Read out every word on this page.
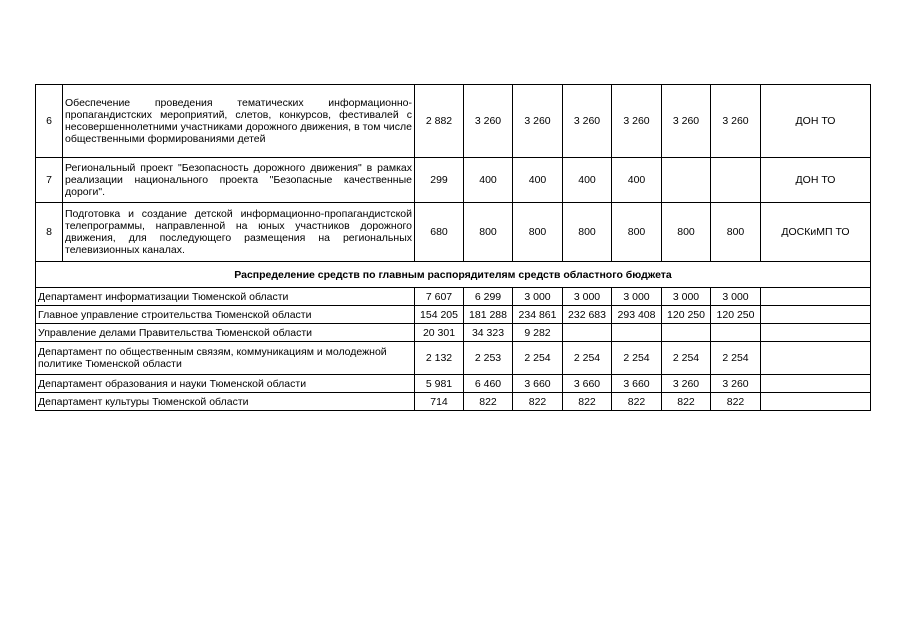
6	Обеспечение проведения тематических информационно-пропагандистских мероприятий, слетов, конкурсов, фестивалей с несовершеннолетними участниками дорожного движения, в том числе общественными формированиями детей	2 882	3 260	3 260	3 260	3 260	3 260	3 260	ДОН ТО
7	Региональный проект "Безопасность дорожного движения" в рамках реализации национального проекта "Безопасные качественные дороги".	299	400	400	400	400			ДОН ТО
8	Подготовка и создание детской информационно-пропагандистской телепрограммы, направленной на юных участников дорожного движения, для последующего размещения на региональных телевизионных каналах.	680	800	800	800	800	800	800	ДОСКиМП ТО
Распределение средств по главным распорядителям средств областного бюджета									
Департамент информатизации Тюменской области		7 607	6 299	3 000	3 000	3 000	3 000	3 000	
Главное управление строительства Тюменской области		154 205	181 288	234 861	232 683	293 408	120 250	120 250	
Управление делами Правительства Тюменской области		20 301	34 323	9 282					
Департамент по общественным связям, коммуникациям и молодежной политике Тюменской области		2 132	2 253	2 254	2 254	2 254	2 254	2 254	
Департамент образования и науки Тюменской области		5 981	6 460	3 660	3 660	3 660	3 260	3 260	
Департамент культуры Тюменской области		714	822	822	822	822	822	822	
